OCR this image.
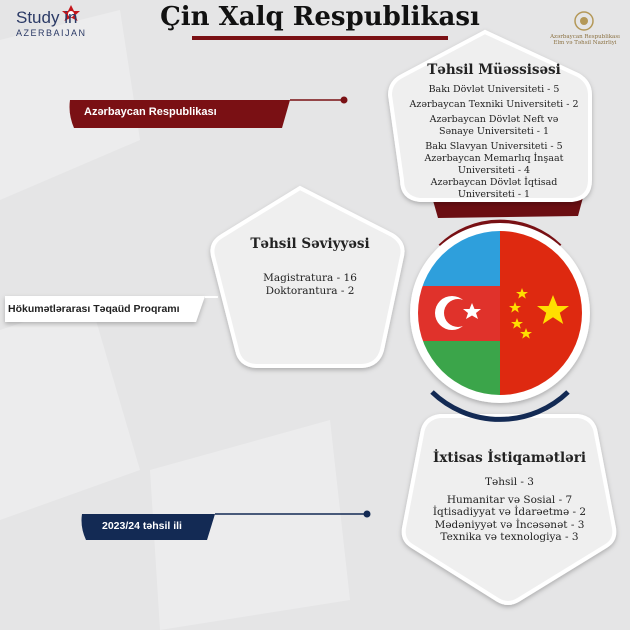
Çin Xalq Respublikası
Study in
AZERBAIJAN	Azərbaycan Respublikası
Elm və Təhsil Nazirliyi
Azərbaycan Respublikası
Hökumətlərarası Təqaüd Proqramı
2023/24 təhsil ili
Təhsil Müəssisəsi
Bakı Dövlət Universiteti - 5
Azərbaycan Texniki Universiteti - 2
Azərbaycan Dövlət Neft və
Sənaye Universiteti - 1
Bakı Slavyan Universiteti - 5
Azərbaycan Memarlıq İnşaat
Universiteti - 4
Azərbaycan Dövlət İqtisad
Universiteti - 1
Təhsil Səviyyəsi
Magistratura - 16
Doktorantura - 2
İxtisas İstiqamətləri
Təhsil - 3
Humanitar və Sosial - 7
İqtisadiyyat və İdarəetmə - 2
Mədəniyyət və İncəsənət - 3
Texnika və texnologiya - 3
